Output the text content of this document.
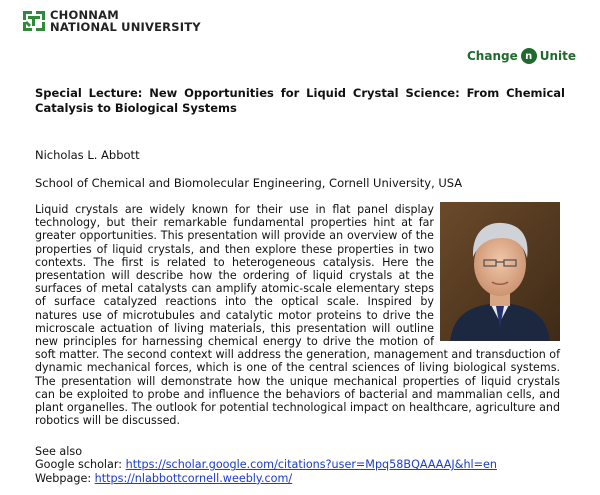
CHONNAM
NATIONAL UNIVERSITY
Change n Unite
Special Lecture: New Opportunities for Liquid Crystal Science: From Chemical Catalysis to Biological Systems
Nicholas L. Abbott
School of Chemical and Biomolecular Engineering, Cornell University, USA
Liquid crystals are widely known for their use in flat panel display technology, but their remarkable fundamental properties hint at far greater opportunities. This presentation will provide an overview of the properties of liquid crystals, and then explore these properties in two contexts. The first is related to heterogeneous catalysis. Here the presentation will describe how the ordering of liquid crystals at the surfaces of metal catalysts can amplify atomic-scale elementary steps of surface catalyzed reactions into the optical scale. Inspired by natures use of microtubules and catalytic motor proteins to drive the microscale actuation of living materials, this presentation will outline new principles for harnessing chemical energy to drive the motion of soft matter. The second context will address the generation, management and transduction of dynamic mechanical forces, which is one of the central sciences of living biological systems. The presentation will demonstrate how the unique mechanical properties of liquid crystals can be exploited to probe and influence the behaviors of bacterial and mammalian cells, and plant organelles. The outlook for potential technological impact on healthcare, agriculture and robotics will be discussed.
See also
Google scholar: https://scholar.google.com/citations?user=Mpq58BQAAAAJ&hl=en
Webpage: https://nlabbottcornell.weebly.com/
